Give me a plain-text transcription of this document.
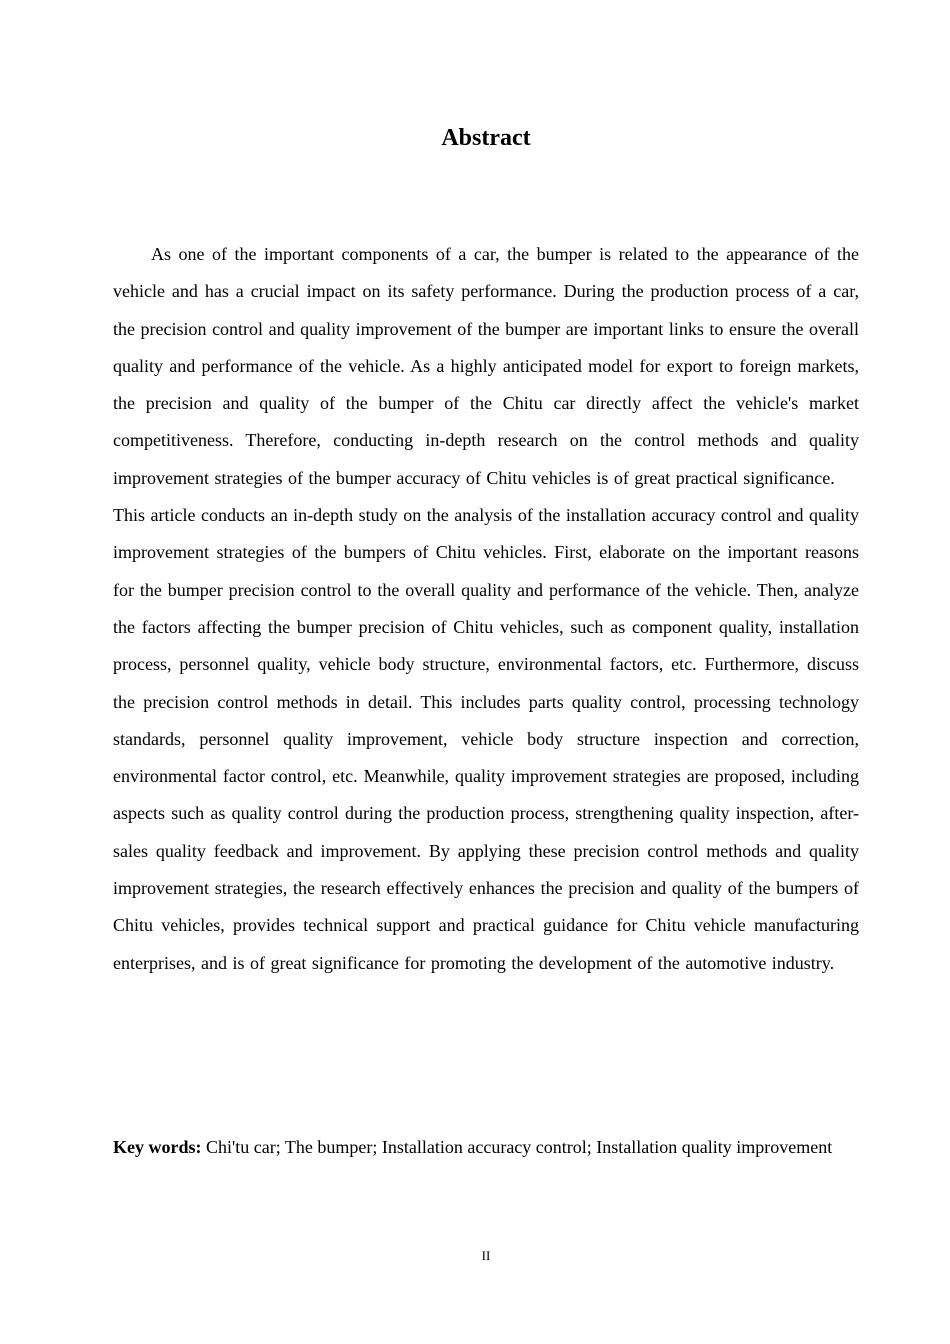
Abstract

As one of the important components of a car, the bumper is related to the appearance of the vehicle and has a crucial impact on its safety performance. During the production process of a car, the precision control and quality improvement of the bumper are important links to ensure the overall quality and performance of the vehicle. As a highly anticipated model for export to foreign markets, the precision and quality of the bumper of the Chitu car directly affect the vehicle's market competitiveness. Therefore, conducting in-depth research on the control methods and quality improvement strategies of the bumper accuracy of Chitu vehicles is of great practical significance.

This article conducts an in-depth study on the analysis of the installation accuracy control and quality improvement strategies of the bumpers of Chitu vehicles. First, elaborate on the important reasons for the bumper precision control to the overall quality and performance of the vehicle. Then, analyze the factors affecting the bumper precision of Chitu vehicles, such as component quality, installation process, personnel quality, vehicle body structure, environmental factors, etc. Furthermore, discuss the precision control methods in detail. This includes parts quality control, processing technology standards, personnel quality improvement, vehicle body structure inspection and correction, environmental factor control, etc. Meanwhile, quality improvement strategies are proposed, including aspects such as quality control during the production process, strengthening quality inspection, after-sales quality feedback and improvement. By applying these precision control methods and quality improvement strategies, the research effectively enhances the precision and quality of the bumpers of Chitu vehicles, provides technical support and practical guidance for Chitu vehicle manufacturing enterprises, and is of great significance for promoting the development of the automotive industry.

Key words: Chi'tu car; The bumper; Installation accuracy control; Installation quality improvement

II
